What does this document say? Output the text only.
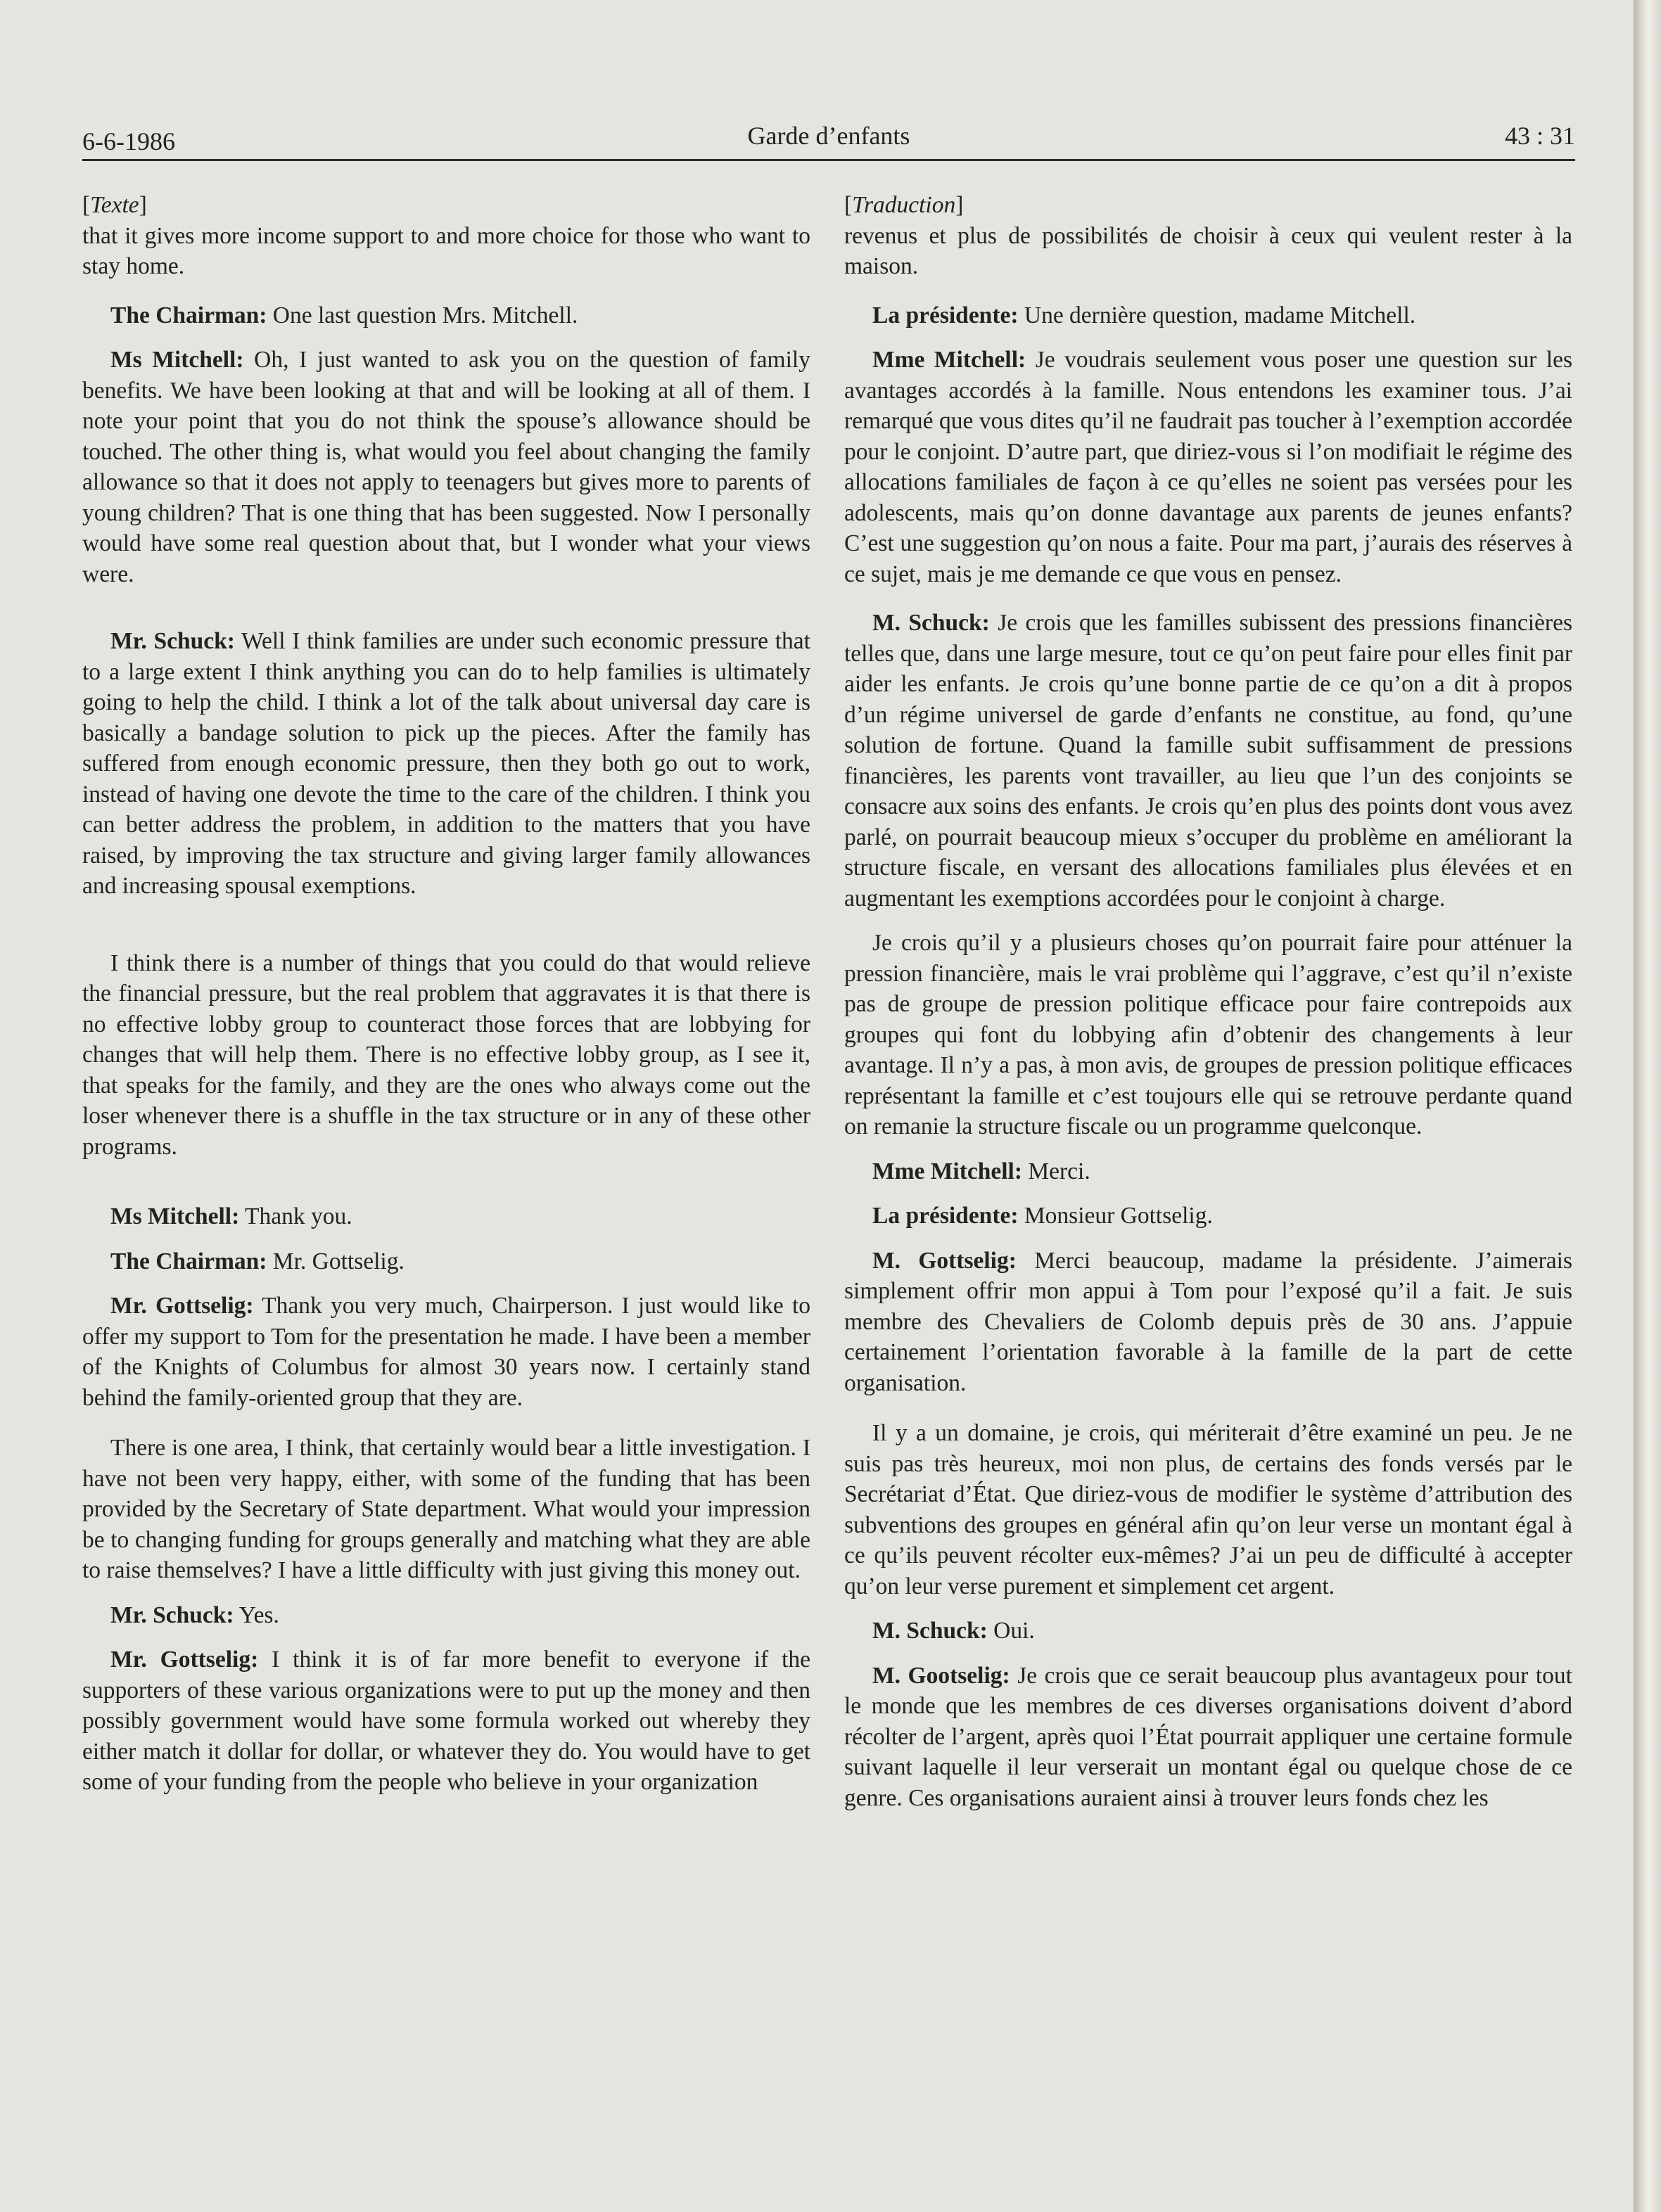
6-6-1986	Garde d’enfants	43 : 31

[Texte]

that it gives more income support to and more choice for those who want to stay home.

The Chairman: One last question Mrs. Mitchell.

Ms Mitchell: Oh, I just wanted to ask you on the question of family benefits. We have been looking at that and will be looking at all of them. I note your point that you do not think the spouse’s allowance should be touched. The other thing is, what would you feel about changing the family allowance so that it does not apply to teenagers but gives more to parents of young children? That is one thing that has been suggested. Now I personally would have some real question about that, but I wonder what your views were.

Mr. Schuck: Well I think families are under such economic pressure that to a large extent I think anything you can do to help families is ultimately going to help the child. I think a lot of the talk about universal day care is basically a bandage solution to pick up the pieces. After the family has suffered from enough economic pressure, then they both go out to work, instead of having one devote the time to the care of the children. I think you can better address the problem, in addition to the matters that you have raised, by improving the tax structure and giving larger family allowances and increasing spousal exemptions.

I think there is a number of things that you could do that would relieve the financial pressure, but the real problem that aggravates it is that there is no effective lobby group to counteract those forces that are lobbying for changes that will help them. There is no effective lobby group, as I see it, that speaks for the family, and they are the ones who always come out the loser whenever there is a shuffle in the tax structure or in any of these other programs.

Ms Mitchell: Thank you.

The Chairman: Mr. Gottselig.

Mr. Gottselig: Thank you very much, Chairperson. I just would like to offer my support to Tom for the presentation he made. I have been a member of the Knights of Columbus for almost 30 years now. I certainly stand behind the family-oriented group that they are.

There is one area, I think, that certainly would bear a little investigation. I have not been very happy, either, with some of the funding that has been provided by the Secretary of State department. What would your impression be to changing funding for groups generally and matching what they are able to raise themselves? I have a little difficulty with just giving this money out.

Mr. Schuck: Yes.

Mr. Gottselig: I think it is of far more benefit to everyone if the supporters of these various organizations were to put up the money and then possibly government would have some formula worked out whereby they either match it dollar for dollar, or whatever they do. You would have to get some of your funding from the people who believe in your organization

[Traduction]

revenus et plus de possibilités de choisir à ceux qui veulent rester à la maison.

La présidente: Une dernière question, madame Mitchell.

Mme Mitchell: Je voudrais seulement vous poser une question sur les avantages accordés à la famille. Nous entendons les examiner tous. J’ai remarqué que vous dites qu’il ne faudrait pas toucher à l’exemption accordée pour le conjoint. D’autre part, que diriez-vous si l’on modifiait le régime des allocations familiales de façon à ce qu’elles ne soient pas versées pour les adolescents, mais qu’on donne davantage aux parents de jeunes enfants? C’est une suggestion qu’on nous a faite. Pour ma part, j’aurais des réserves à ce sujet, mais je me demande ce que vous en pensez.

M. Schuck: Je crois que les familles subissent des pressions financières telles que, dans une large mesure, tout ce qu’on peut faire pour elles finit par aider les enfants. Je crois qu’une bonne partie de ce qu’on a dit à propos d’un régime universel de garde d’enfants ne constitue, au fond, qu’une solution de fortune. Quand la famille subit suffisamment de pressions financières, les parents vont travailler, au lieu que l’un des conjoints se consacre aux soins des enfants. Je crois qu’en plus des points dont vous avez parlé, on pourrait beaucoup mieux s’occuper du problème en améliorant la structure fiscale, en versant des allocations familiales plus élevées et en augmentant les exemptions accordées pour le conjoint à charge.

Je crois qu’il y a plusieurs choses qu’on pourrait faire pour atténuer la pression financière, mais le vrai problème qui l’aggrave, c’est qu’il n’existe pas de groupe de pression politique efficace pour faire contrepoids aux groupes qui font du lobbying afin d’obtenir des changements à leur avantage. Il n’y a pas, à mon avis, de groupes de pression politique efficaces représentant la famille et c’est toujours elle qui se retrouve perdante quand on remanie la structure fiscale ou un programme quelconque.

Mme Mitchell: Merci.

La présidente: Monsieur Gottselig.

M. Gottselig: Merci beaucoup, madame la présidente. J’aimerais simplement offrir mon appui à Tom pour l’exposé qu’il a fait. Je suis membre des Chevaliers de Colomb depuis près de 30 ans. J’appuie certainement l’orientation favorable à la famille de la part de cette organisation.

Il y a un domaine, je crois, qui mériterait d’être examiné un peu. Je ne suis pas très heureux, moi non plus, de certains des fonds versés par le Secrétariat d’État. Que diriez-vous de modifier le système d’attribution des subventions des groupes en général afin qu’on leur verse un montant égal à ce qu’ils peuvent récolter eux-mêmes? J’ai un peu de difficulté à accepter qu’on leur verse purement et simplement cet argent.

M. Schuck: Oui.

M. Gootselig: Je crois que ce serait beaucoup plus avantageux pour tout le monde que les membres de ces diverses organisations doivent d’abord récolter de l’argent, après quoi l’État pourrait appliquer une certaine formule suivant laquelle il leur verserait un montant égal ou quelque chose de ce genre. Ces organisations auraient ainsi à trouver leurs fonds chez les
